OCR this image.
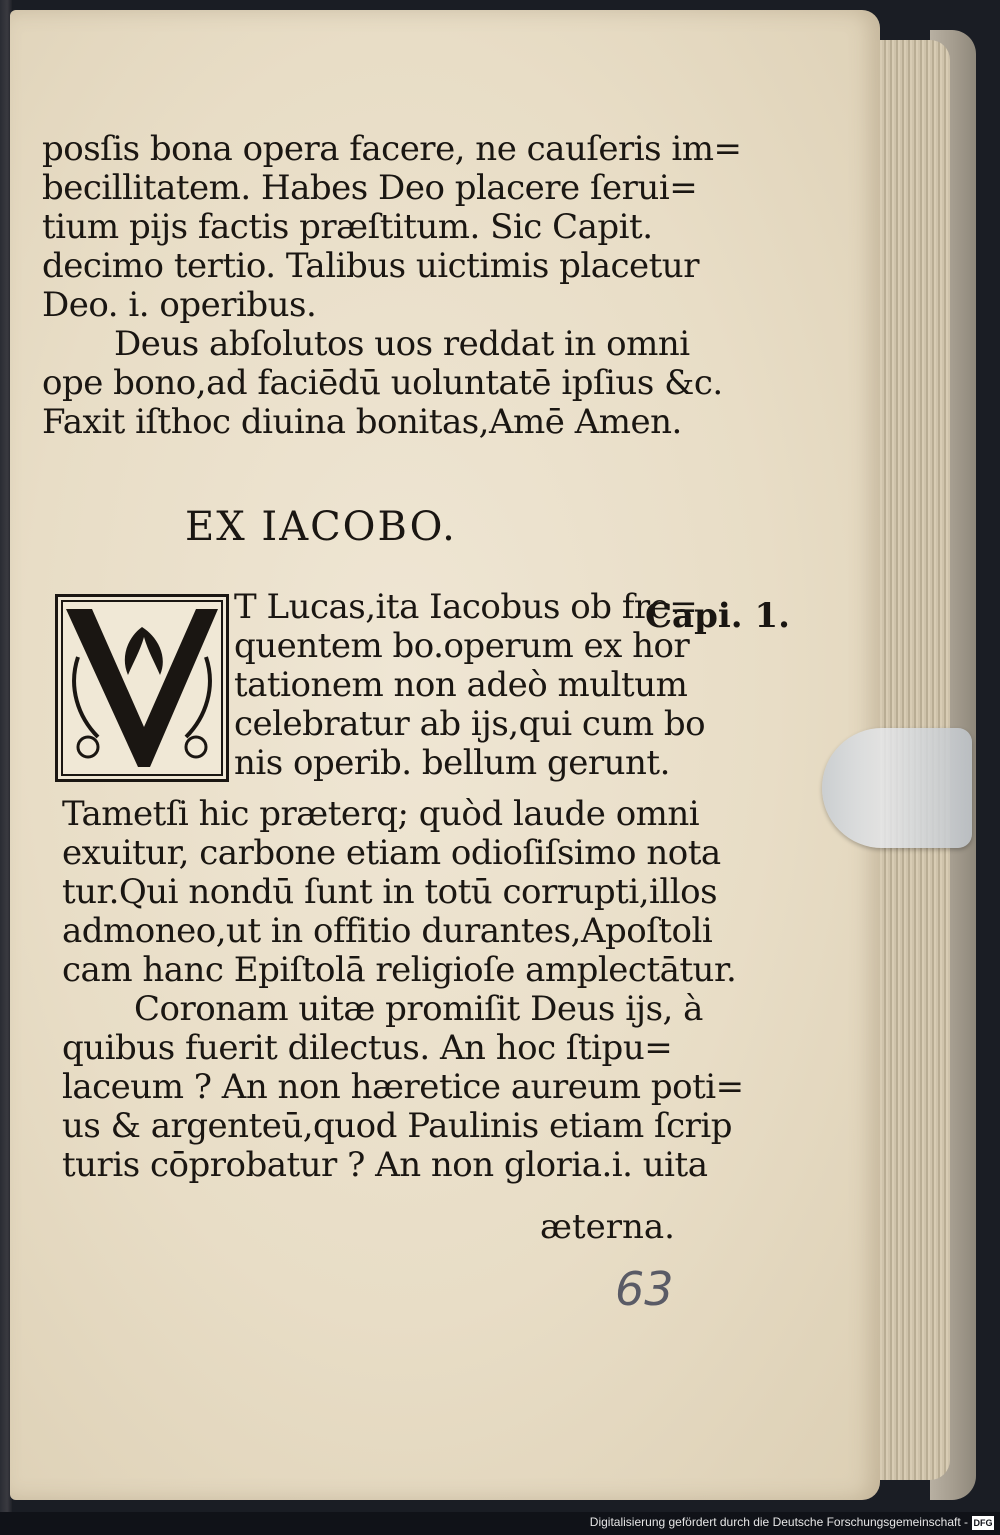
posſis bona opera facere, ne cauſeris im=
becillitatem. Habes Deo placere ſerui=
tium pijs factis præſtitum. Sic Capit.
decimo tertio. Talibus uictimis placetur
Deo. i. operibus.
Deus abſolutos uos reddat in omni
ope bono,ad faciēdū uoluntatē ipſius &c.
Faxit iſthoc diuina bonitas,Amē Amen.
EX IACOBO.
Capi. 1.
T Lucas,ita Iacobus ob fre=
quentem bo.operum ex hor
tationem non adeò multum
celebratur ab ijs,qui cum bo
nis operib. bellum gerunt.
Tametſi hic præterq; quòd laude omni
exuitur, carbone etiam odioſiſsimo nota
tur.Qui nondū ſunt in totū corrupti,illos
admoneo,ut in offitio durantes,Apoſtoli
cam hanc Epiſtolā religioſe amplectātur.
Coronam uitæ promiſit Deus ijs, à
quibus fuerit dilectus. An hoc ſtipu=
laceum ? An non hæretice aureum poti=
us & argenteū,quod Paulinis etiam ſcrip
turis cōprobatur ? An non gloria.i. uita
æterna.
63
Digitalisierung gefördert durch die Deutsche Forschungsgemeinschaft - DFG
